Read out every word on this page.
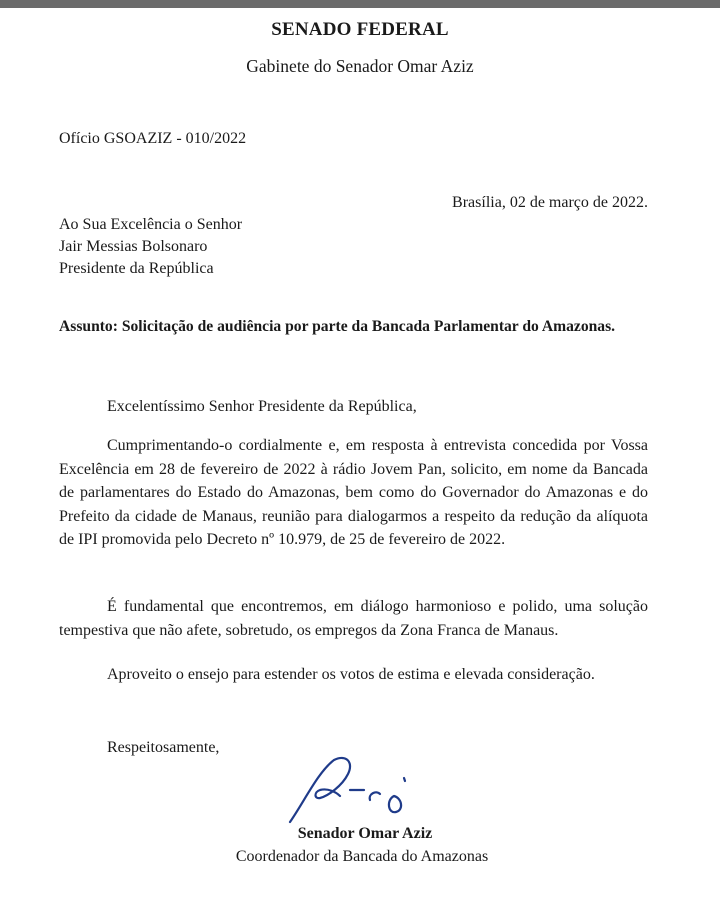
SENADO FEDERAL
Gabinete do Senador Omar Aziz
Ofício GSOAZIZ - 010/2022
Brasília, 02 de março de 2022.
Ao Sua Excelência o Senhor
Jair Messias Bolsonaro
Presidente da República
Assunto: Solicitação de audiência por parte da Bancada Parlamentar do Amazonas.
Excelentíssimo Senhor Presidente da República,
Cumprimentando-o cordialmente e, em resposta à entrevista concedida por Vossa Excelência em 28 de fevereiro de 2022 à rádio Jovem Pan, solicito, em nome da Bancada de parlamentares do Estado do Amazonas, bem como do Governador do Amazonas e do Prefeito da cidade de Manaus, reunião para dialogarmos a respeito da redução da alíquota de IPI promovida pelo Decreto nº 10.979, de 25 de fevereiro de 2022.
É fundamental que encontremos, em diálogo harmonioso e polido, uma solução tempestiva que não afete, sobretudo, os empregos da Zona Franca de Manaus.
Aproveito o ensejo para estender os votos de estima e elevada consideração.
Respeitosamente,
Senador Omar Aziz
Coordenador da Bancada do Amazonas
